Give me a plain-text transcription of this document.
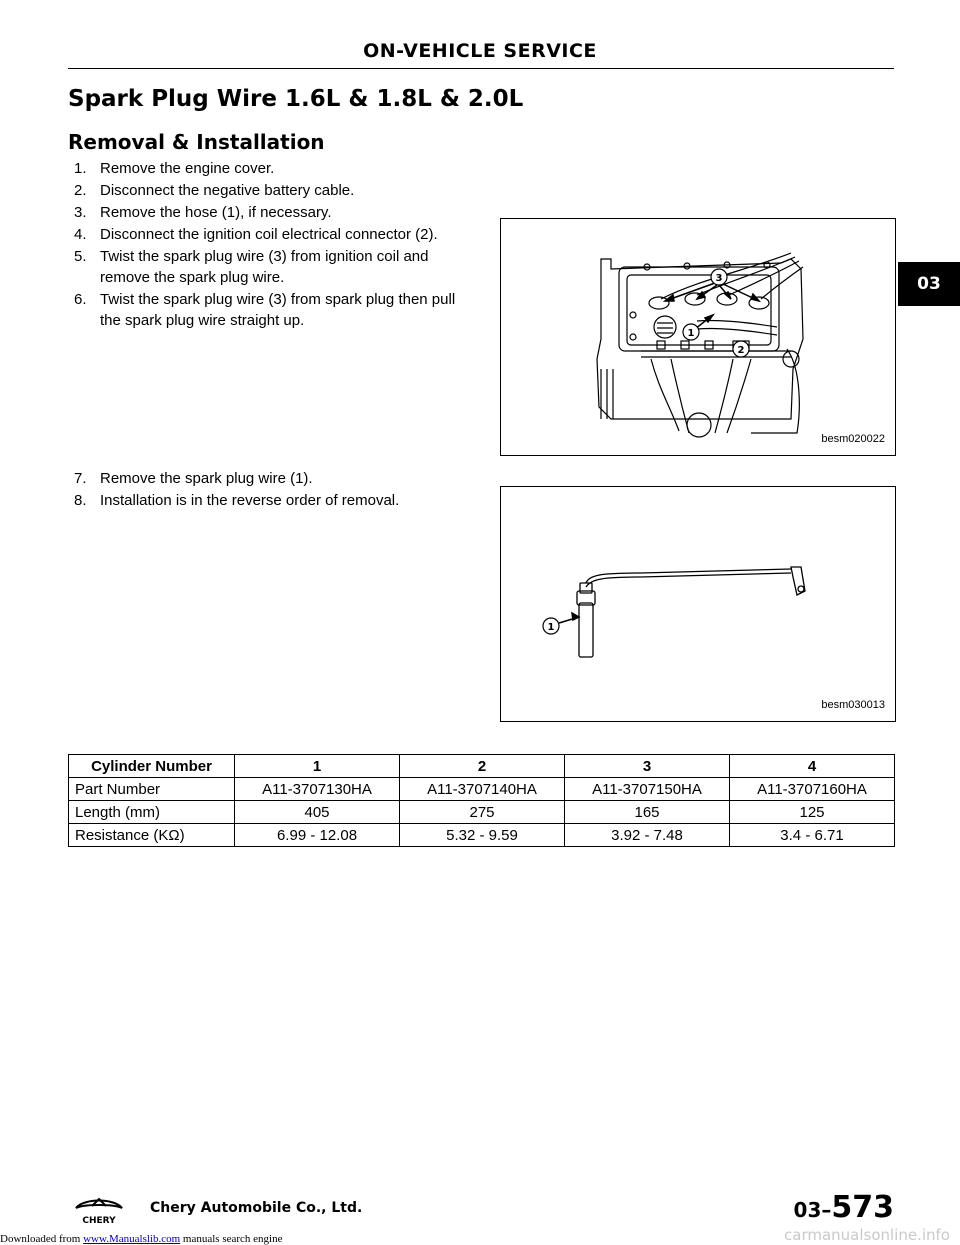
ON-VEHICLE SERVICE
Spark Plug Wire 1.6L & 1.8L & 2.0L
Removal & Installation
1. Remove the engine cover.
2. Disconnect the negative battery cable.
3. Remove the hose (1), if necessary.
4. Disconnect the ignition coil electrical connector (2).
5. Twist the spark plug wire (3) from ignition coil and remove the spark plug wire.
6. Twist the spark plug wire (3) from spark plug then pull the spark plug wire straight up.
7. Remove the spark plug wire (1).
8. Installation is in the reverse order of removal.
3
1
2
besm020022
1
besm030013
03
Cylinder Number	1	2	3	4
Part Number	A11-3707130HA	A11-3707140HA	A11-3707150HA	A11-3707160HA
Length (mm)	405	275	165	125
Resistance (KΩ)	6.99 - 12.08	5.32 - 9.59	3.92 - 7.48	3.4 - 6.71
CHERY
Chery Automobile Co., Ltd.	03–573
Downloaded from www.Manualslib.com manuals search engine	carmanualsonline.info
